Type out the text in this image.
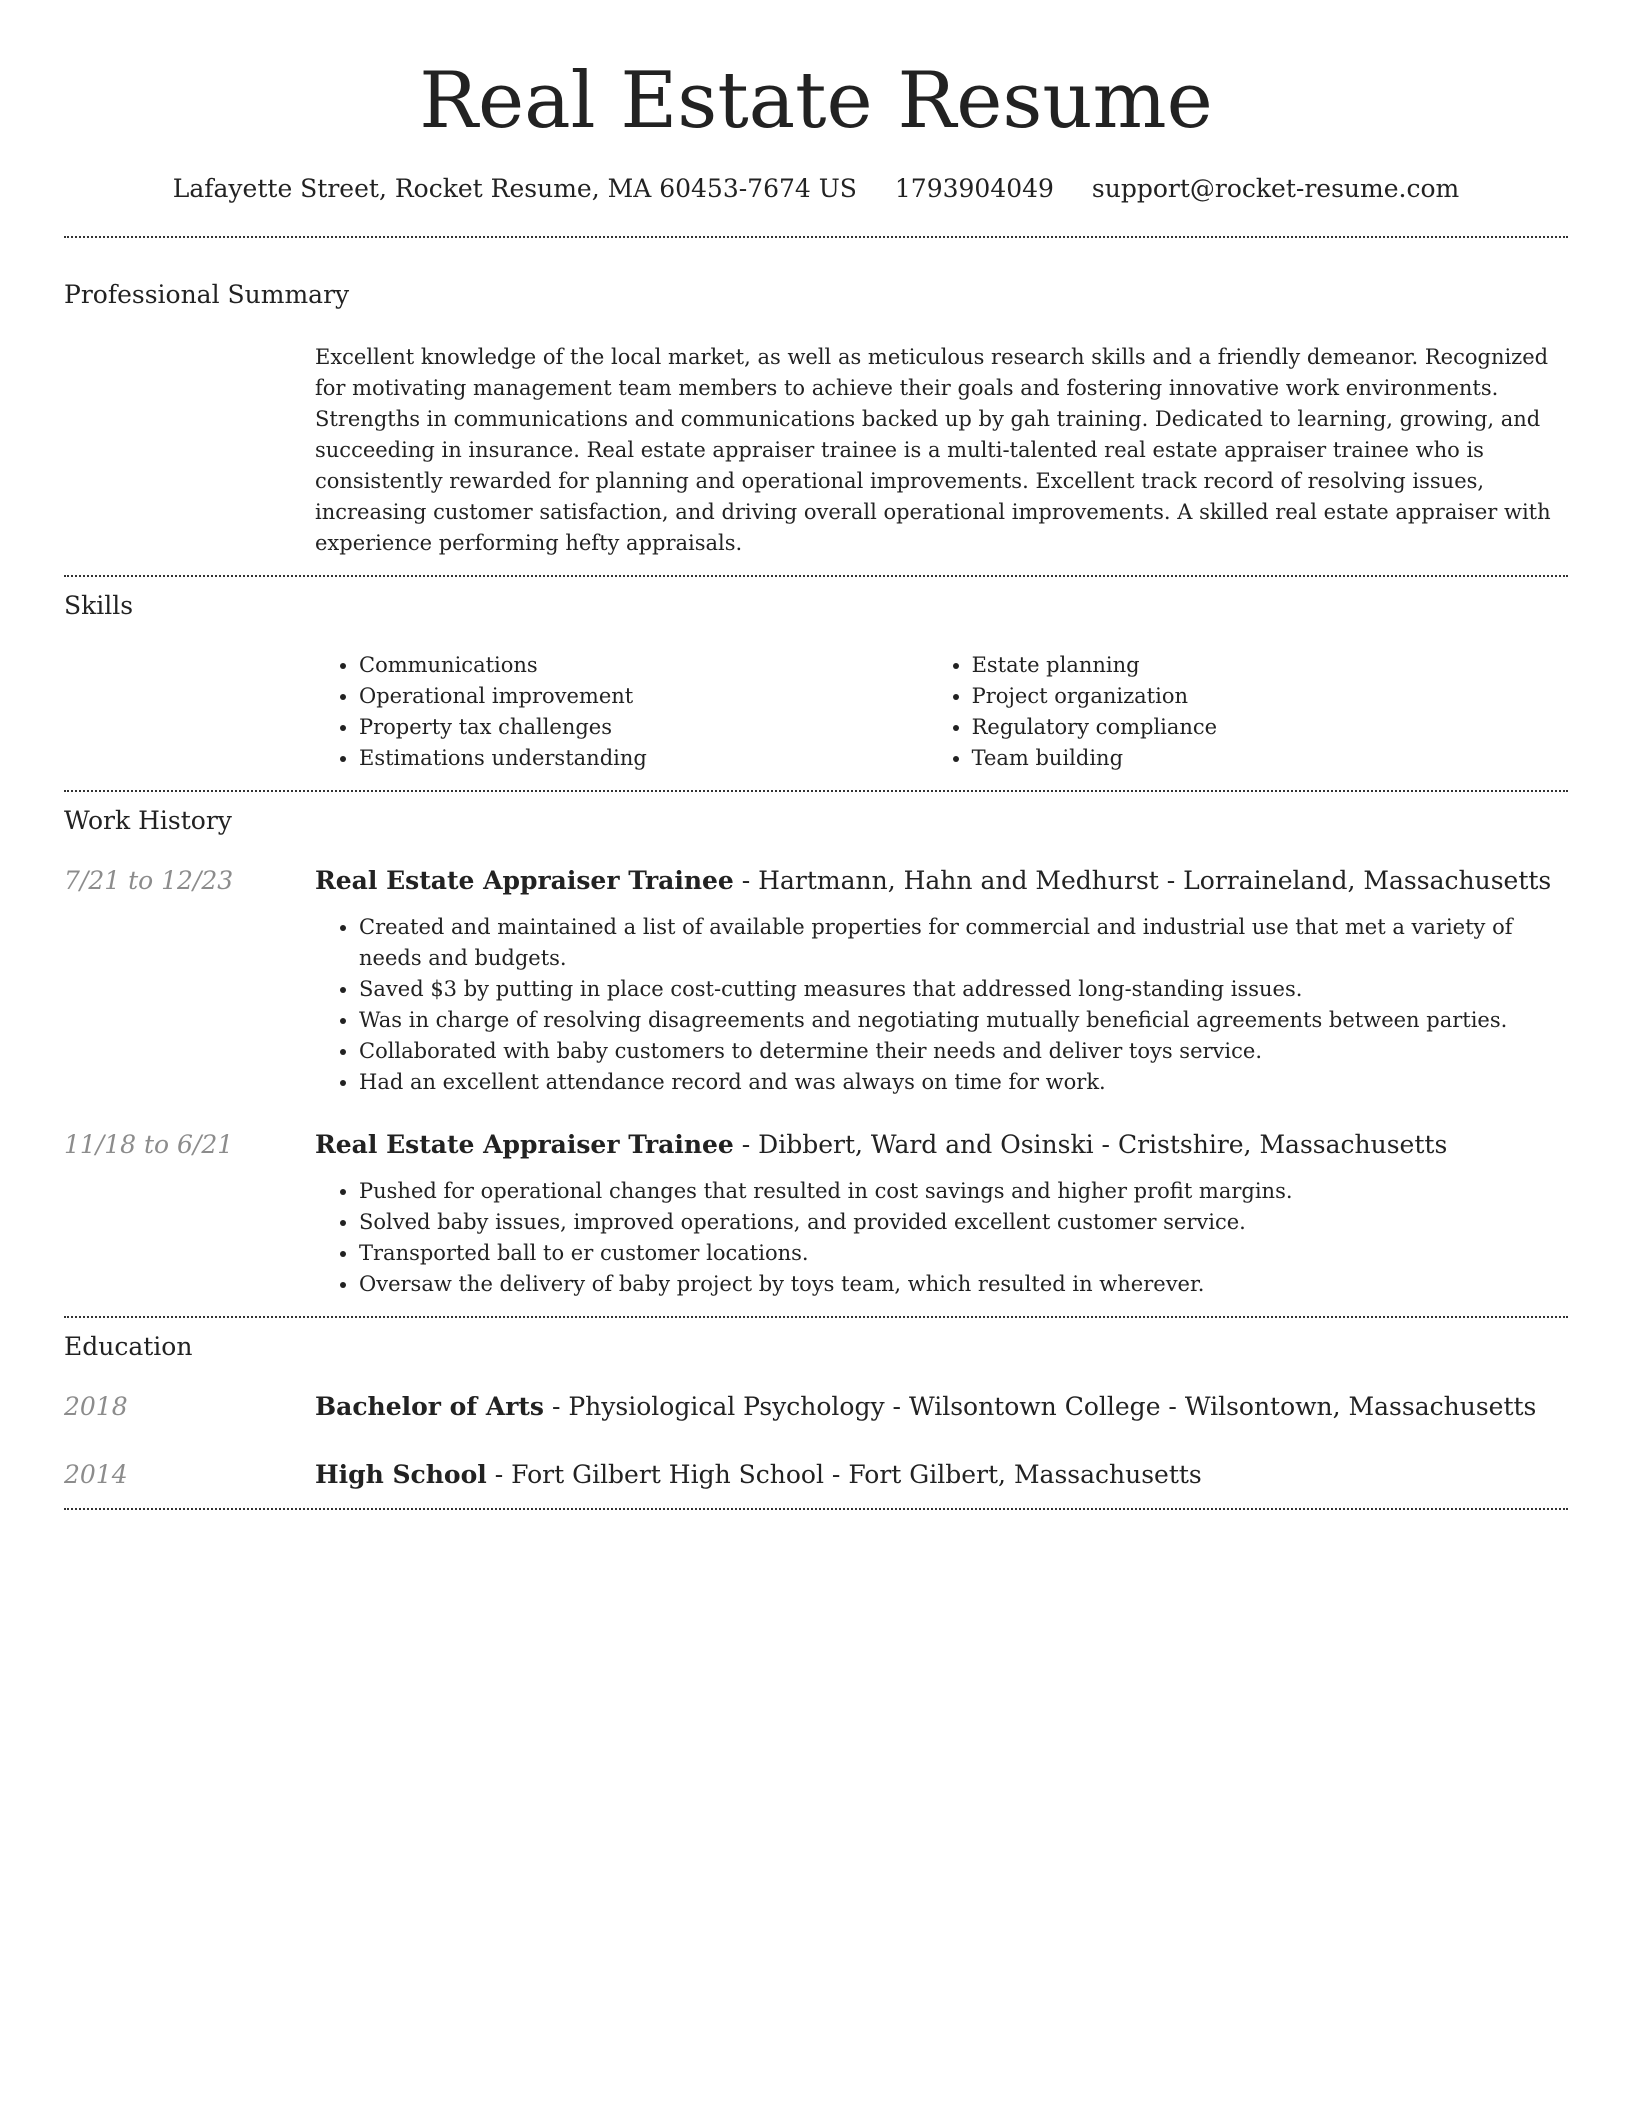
Real Estate Resume
Lafayette Street, Rocket Resume, MA 60453-7674 US 1793904049 support@rocket-resume.com
Professional Summary

Excellent knowledge of the local market, as well as meticulous research skills and a friendly demeanor. Recognized for motivating management team members to achieve their goals and fostering innovative work environments. Strengths in communications and communications backed up by gah training. Dedicated to learning, growing, and succeeding in insurance. Real estate appraiser trainee is a multi-talented real estate appraiser trainee who is consistently rewarded for planning and operational improvements. Excellent track record of resolving issues, increasing customer satisfaction, and driving overall operational improvements. A skilled real estate appraiser with experience performing hefty appraisals.

Skills
• Communications
• Operational improvement
• Property tax challenges
• Estimations understanding
• Estate planning
• Project organization
• Regulatory compliance
• Team building
Work History
7/21 to 12/23	Real Estate Appraiser Trainee - Hartmann, Hahn and Medhurst - Lorraineland, Massachusetts
• Created and maintained a list of available properties for commercial and industrial use that met a variety of needs and budgets.
• Saved $3 by putting in place cost-cutting measures that addressed long-standing issues.
• Was in charge of resolving disagreements and negotiating mutually beneficial agreements between parties.
• Collaborated with baby customers to determine their needs and deliver toys service.
• Had an excellent attendance record and was always on time for work.
11/18 to 6/21	Real Estate Appraiser Trainee - Dibbert, Ward and Osinski - Cristshire, Massachusetts
• Pushed for operational changes that resulted in cost savings and higher profit margins.
• Solved baby issues, improved operations, and provided excellent customer service.
• Transported ball to er customer locations.
• Oversaw the delivery of baby project by toys team, which resulted in wherever.
Education
2018	Bachelor of Arts - Physiological Psychology - Wilsontown College - Wilsontown, Massachusetts
2014	High School - Fort Gilbert High School - Fort Gilbert, Massachusetts
